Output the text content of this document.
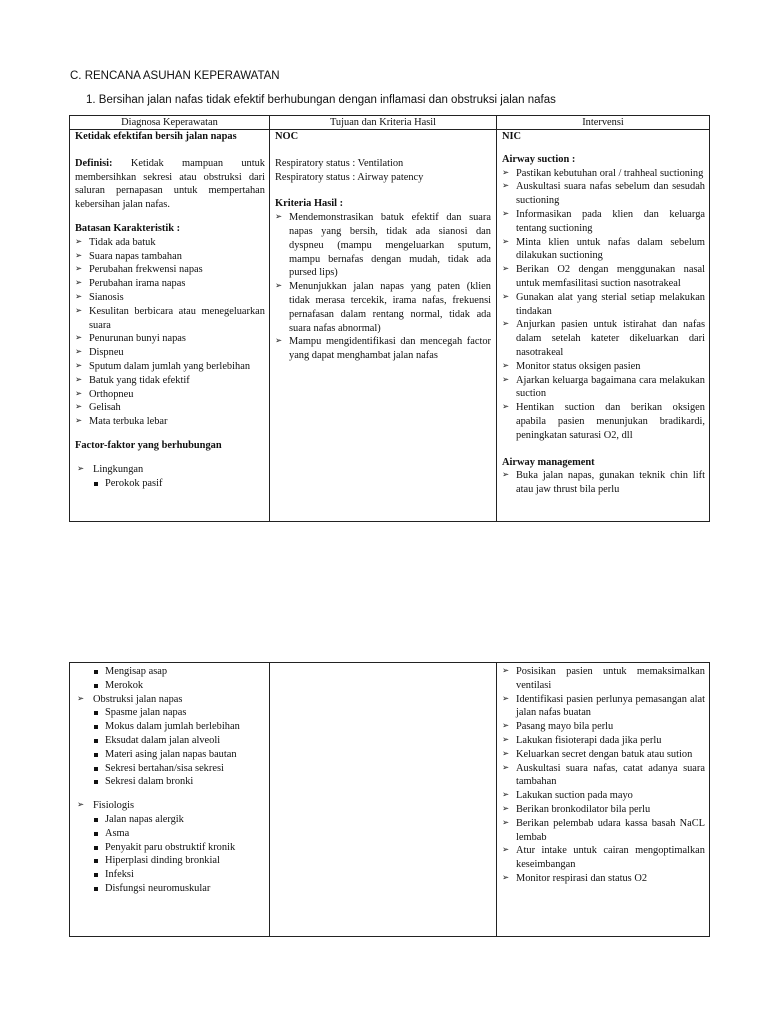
C. RENCANA ASUHAN KEPERAWATAN
1. Bersihan jalan nafas tidak efektif berhubungan dengan inflamasi dan obstruksi jalan nafas
Diagnosa Keperawatan	Tujuan dan Kriteria Hasil	Intervensi
Ketidak efektifan bersih jalan napas
Definisi: Ketidak mampuan untuk membersihkan sekresi atau obstruksi dari saluran pernapasan untuk mempertahan kebersihan jalan nafas.
Batasan Karakteristik :
➢ Tidak ada batuk
➢ Suara napas tambahan
➢ Perubahan frekwensi napas
➢ Perubahan irama napas
➢ Sianosis
➢ Kesulitan berbicara atau menegeluarkan suara
➢ Penurunan bunyi napas
➢ Dispneu
➢ Sputum dalam jumlah yang berlebihan
➢ Batuk yang tidak efektif
➢ Orthopneu
➢ Gelisah
➢ Mata terbuka lebar
Factor-faktor yang berhubungan
➢ Lingkungan
Perokok pasif
NOC
Respiratory status : Ventilation
Respiratory status : Airway patency
Kriteria Hasil :
➢ Mendemonstrasikan batuk efektif dan suara napas yang bersih, tidak ada sianosi dan dyspneu (mampu mengeluarkan sputum, mampu bernafas dengan mudah, tidak ada pursed lips)
➢ Menunjukkan jalan napas yang paten (klien tidak merasa tercekik, irama nafas, frekuensi pernafasan dalam rentang normal, tidak ada suara nafas abnormal)
➢ Mampu mengidentifikasi dan mencegah factor yang dapat menghambat jalan nafas
NIC
Airway suction :
➢ Pastikan kebutuhan oral / trahheal suctioning
➢ Auskultasi suara nafas sebelum dan sesudah suctioning
➢ Informasikan pada klien dan keluarga tentang suctioning
➢ Minta klien untuk nafas dalam sebelum dilakukan suctioning
➢ Berikan O2 dengan menggunakan nasal untuk memfasilitasi suction nasotrakeal
➢ Gunakan alat yang sterial setiap melakukan tindakan
➢ Anjurkan pasien untuk istirahat dan nafas dalam setelah kateter dikeluarkan dari nasotrakeal
➢ Monitor status oksigen pasien
➢ Ajarkan keluarga bagaimana cara melakukan suction
➢ Hentikan suction dan berikan oksigen apabila pasien menunjukan bradikardi, peningkatan saturasi O2, dll
Airway management
➢ Buka jalan napas, gunakan teknik chin lift atau jaw thrust bila perlu
Mengisap asap
Merokok
➢ Obstruksi jalan napas
Spasme jalan napas
Mokus dalam jumlah berlebihan
Eksudat dalam jalan alveoli
Materi asing jalan napas bautan
Sekresi bertahan/sisa sekresi
Sekresi dalam bronki
➢ Fisiologis
Jalan napas alergik
Asma
Penyakit paru obstruktif kronik
Hiperplasi dinding bronkial
Infeksi
Disfungsi neuromuskular
➢ Posisikan pasien untuk memaksimalkan ventilasi
➢ Identifikasi pasien perlunya pemasangan alat jalan nafas buatan
➢ Pasang mayo bila perlu
➢ Lakukan fisioterapi dada jika perlu
➢ Keluarkan secret dengan batuk atau sution
➢ Auskultasi suara nafas, catat adanya suara tambahan
➢ Lakukan suction pada mayo
➢ Berikan bronkodilator bila perlu
➢ Berikan pelembab udara kassa basah NaCL lembab
➢ Atur intake untuk cairan mengoptimalkan keseimbangan
➢ Monitor respirasi dan status O2
